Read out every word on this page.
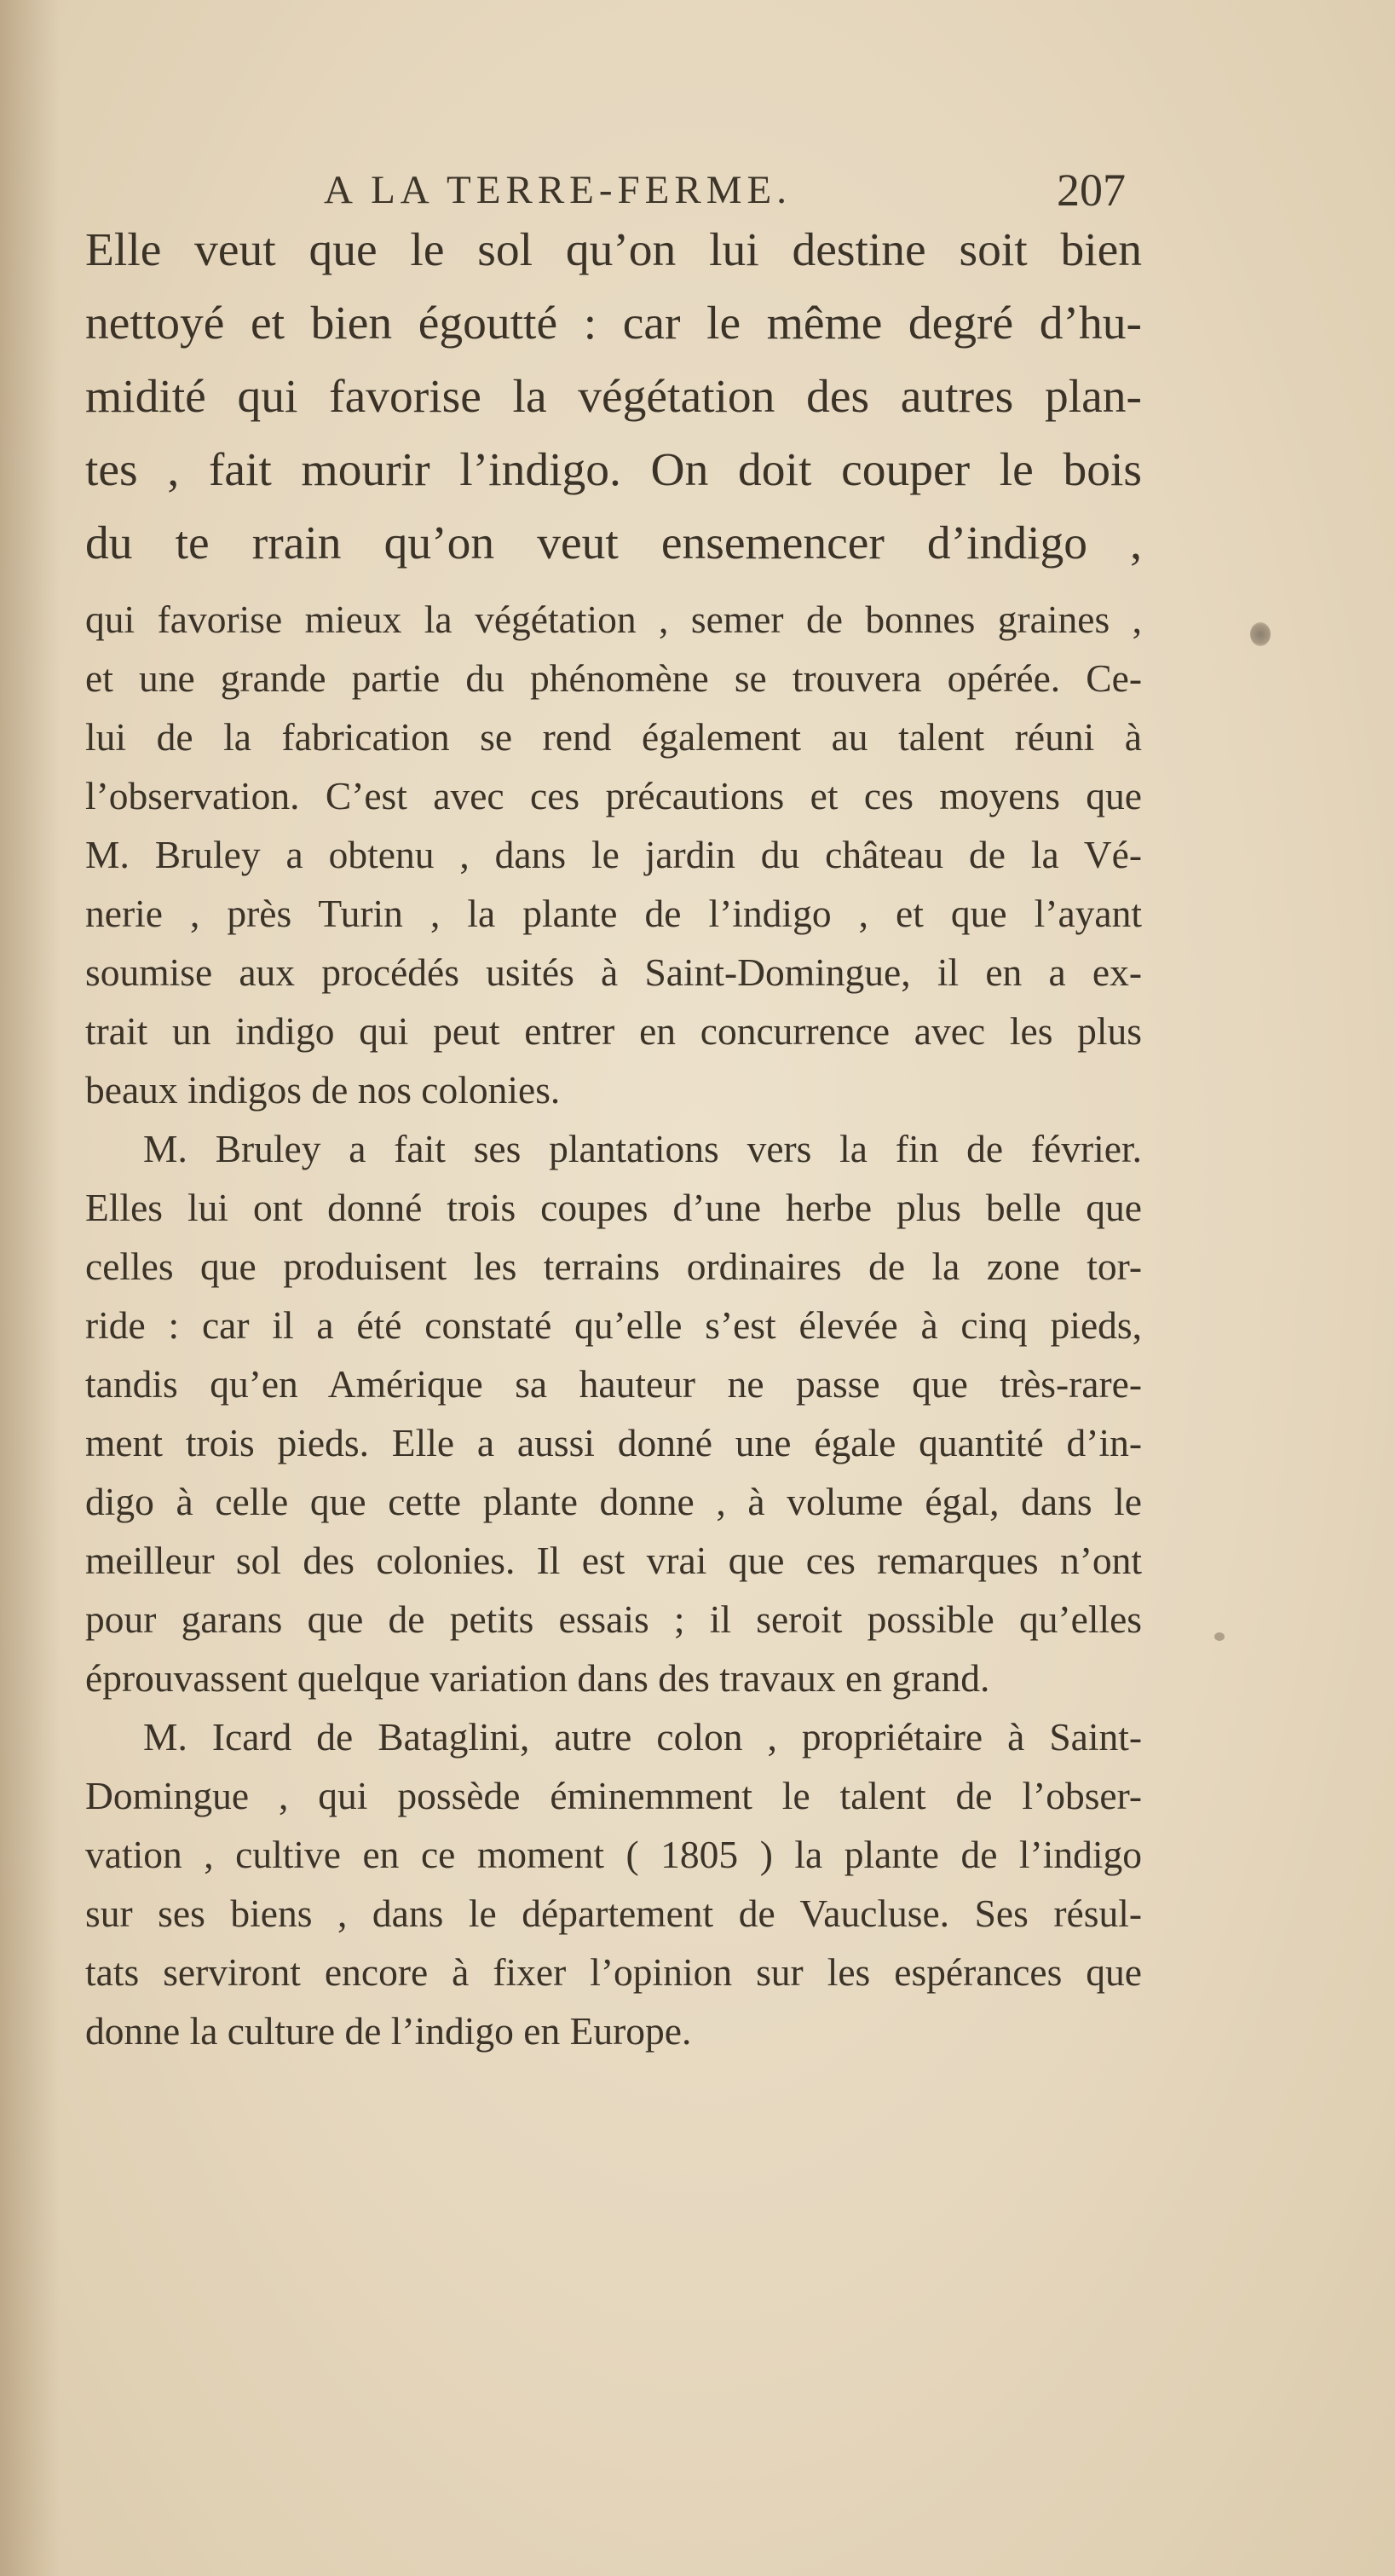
A LA TERRE-FERME.	207
Elle veut que le sol qu’on lui destine soit bien
nettoyé et bien égoutté : car le même degré d’hu-
midité qui favorise la végétation des autres plan-
tes , fait mourir l’indigo. On doit couper le bois
du te rrain qu’on veut ensemencer d’indigo ,
qui favorise mieux la végétation , semer de bonnes graines ,
et une grande partie du phénomène se trouvera opérée. Ce-
lui de la fabrication se rend également au talent réuni à
l’observation. C’est avec ces précautions et ces moyens que
M. Bruley a obtenu , dans le jardin du château de la Vé-
nerie , près Turin , la plante de l’indigo , et que l’ayant
soumise aux procédés usités à Saint-Domingue, il en a ex-
trait un indigo qui peut entrer en concurrence avec les plus
beaux indigos de nos colonies.
M. Bruley a fait ses plantations vers la fin de février.
Elles lui ont donné trois coupes d’une herbe plus belle que
celles que produisent les terrains ordinaires de la zone tor-
ride : car il a été constaté qu’elle s’est élevée à cinq pieds,
tandis qu’en Amérique sa hauteur ne passe que très-rare-
ment trois pieds. Elle a aussi donné une égale quantité d’in-
digo à celle que cette plante donne , à volume égal, dans le
meilleur sol des colonies. Il est vrai que ces remarques n’ont
pour garans que de petits essais ; il seroit possible qu’elles
éprouvassent quelque variation dans des travaux en grand.
M. Icard de Bataglini, autre colon , propriétaire à Saint-
Domingue , qui possède éminemment le talent de l’obser-
vation , cultive en ce moment ( 1805 ) la plante de l’indigo
sur ses biens , dans le département de Vaucluse. Ses résul-
tats serviront encore à fixer l’opinion sur les espérances que
donne la culture de l’indigo en Europe.
